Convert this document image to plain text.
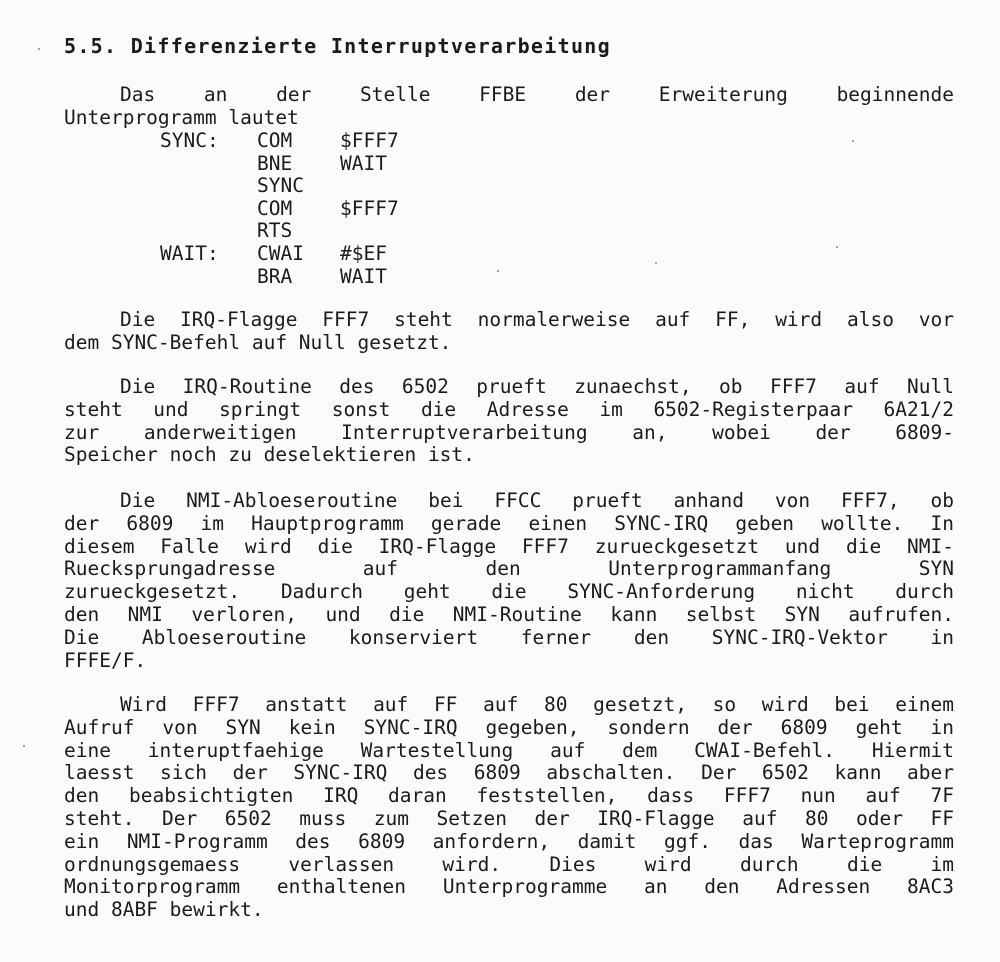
5.5. Differenzierte Interruptverarbeitung
Das an der Stelle FFBE der Erweiterung beginnende
Unterprogramm lautet
SYNC: COM $FFF7
BNE WAIT
SYNC
COM $FFF7
RTS
WAIT: CWAI #$EF
BRA WAIT
Die IRQ-Flagge FFF7 steht normalerweise auf FF, wird also vor
dem SYNC-Befehl auf Null gesetzt.
Die IRQ-Routine des 6502 prueft zunaechst, ob FFF7 auf Null
steht und springt sonst die Adresse im 6502-Registerpaar 6A21/2
zur anderweitigen Interruptverarbeitung an, wobei der 6809-
Speicher noch zu deselektieren ist.
Die NMI-Abloeseroutine bei FFCC prueft anhand von FFF7, ob
der 6809 im Hauptprogramm gerade einen SYNC-IRQ geben wollte. In
diesem Falle wird die IRQ-Flagge FFF7 zurueckgesetzt und die NMI-
Ruecksprungadresse auf den Unterprogrammanfang SYN
zurueckgesetzt. Dadurch geht die SYNC-Anforderung nicht durch
den NMI verloren, und die NMI-Routine kann selbst SYN aufrufen.
Die Abloeseroutine konserviert ferner den SYNC-IRQ-Vektor in
FFFE/F.
Wird FFF7 anstatt auf FF auf 80 gesetzt, so wird bei einem
Aufruf von SYN kein SYNC-IRQ gegeben, sondern der 6809 geht in
eine interuptfaehige Wartestellung auf dem CWAI-Befehl. Hiermit
laesst sich der SYNC-IRQ des 6809 abschalten. Der 6502 kann aber
den beabsichtigten IRQ daran feststellen, dass FFF7 nun auf 7F
steht. Der 6502 muss zum Setzen der IRQ-Flagge auf 80 oder FF
ein NMI-Programm des 6809 anfordern, damit ggf. das Warteprogramm
ordnungsgemaess verlassen wird. Dies wird durch die im
Monitorprogramm enthaltenen Unterprogramme an den Adressen 8AC3
und 8ABF bewirkt.
